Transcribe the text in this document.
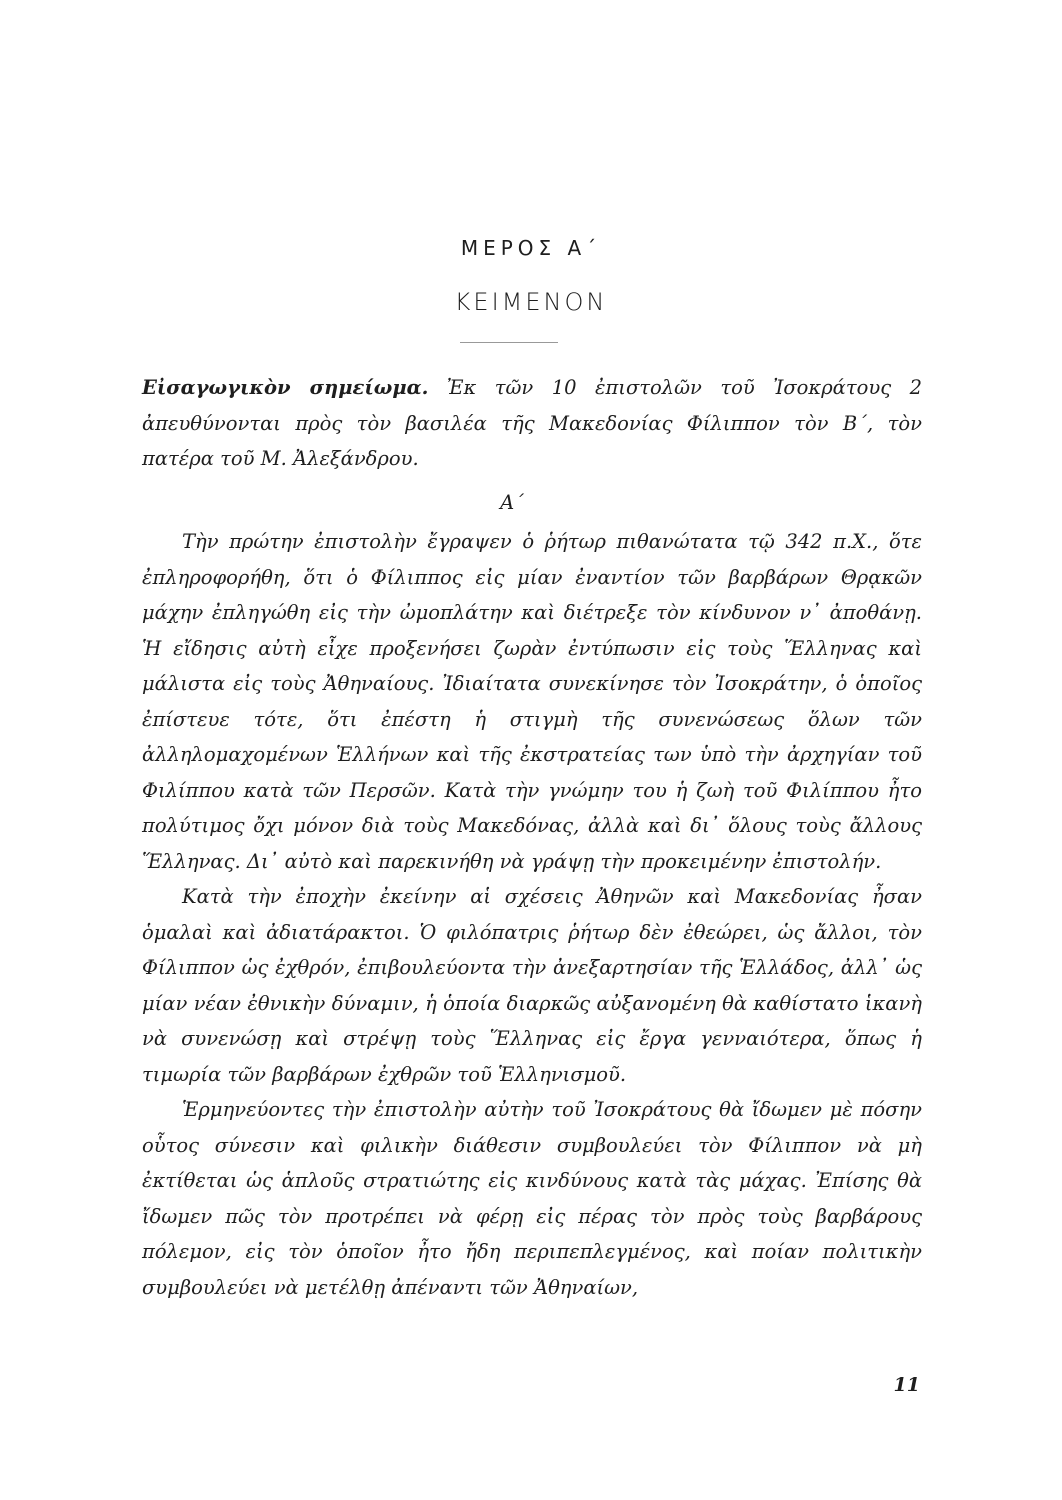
ΜΕΡΟΣ Α΄
ΚΕΙΜΕΝΟΝ

Εἰσαγωγικὸν σημείωμα. Ἐκ τῶν 10 ἐπιστολῶν τοῦ Ἰσοκράτους 2 ἀπευθύνονται πρὸς τὸν βασιλέα τῆς Μακεδονίας Φίλιππον τὸν Β΄, τὸν πατέρα τοῦ Μ. Ἀλεξάνδρου.

Α΄

Τὴν πρώτην ἐπιστολὴν ἔγραψεν ὁ ῥήτωρ πιθανώτατα τῷ 342 π.Χ., ὅτε ἐπληροφορήθη, ὅτι ὁ Φίλιππος εἰς μίαν ἐναντίον τῶν βαρβάρων Θρᾳκῶν μάχην ἐπληγώθη εἰς τὴν ὠμοπλάτην καὶ διέτρεξε τὸν κίνδυνον ν᾽ ἀποθάνῃ. Ἡ εἴδησις αὐτὴ εἶχε προξενήσει ζωρὰν ἐντύπωσιν εἰς τοὺς Ἕλληνας καὶ μάλιστα εἰς τοὺς Ἀθηναίους. Ἰδιαίτατα συνεκίνησε τὸν Ἰσοκράτην, ὁ ὁποῖος ἐπίστευε τότε, ὅτι ἐπέστη ἡ στιγμὴ τῆς συνενώσεως ὅλων τῶν ἀλληλομαχομένων Ἑλλήνων καὶ τῆς ἐκστρατείας των ὑπὸ τὴν ἀρχηγίαν τοῦ Φιλίππου κατὰ τῶν Περσῶν. Κατὰ τὴν γνώμην του ἡ ζωὴ τοῦ Φιλίππου ἦτο πολύτιμος ὄχι μόνον διὰ τοὺς Μακεδόνας, ἀλλὰ καὶ δι᾽ ὅλους τοὺς ἄλλους Ἕλληνας. Δι᾽ αὐτὸ καὶ παρεκινήθη νὰ γράψῃ τὴν προκειμένην ἐπιστολήν.

Κατὰ τὴν ἐποχὴν ἐκείνην αἱ σχέσεις Ἀθηνῶν καὶ Μακεδονίας ἦσαν ὁμαλαὶ καὶ ἀδιατάρακτοι. Ὁ φιλόπατρις ῥήτωρ δὲν ἐθεώρει, ὡς ἄλλοι, τὸν Φίλιππον ὡς ἐχθρόν, ἐπιβουλεύοντα τὴν ἀνεξαρτησίαν τῆς Ἑλλάδος, ἀλλ᾽ ὡς μίαν νέαν ἐθνικὴν δύναμιν, ἡ ὁποία διαρκῶς αὐξανομένη θὰ καθίστατο ἱκανὴ νὰ συνενώσῃ καὶ στρέψῃ τοὺς Ἕλληνας εἰς ἔργα γενναιότερα, ὅπως ἡ τιμωρία τῶν βαρβάρων ἐχθρῶν τοῦ Ἑλληνισμοῦ.

Ἑρμηνεύοντες τὴν ἐπιστολὴν αὐτὴν τοῦ Ἰσοκράτους θὰ ἴδωμεν μὲ πόσην οὗτος σύνεσιν καὶ φιλικὴν διάθεσιν συμβουλεύει τὸν Φίλιππον νὰ μὴ ἐκτίθεται ὡς ἁπλοῦς στρατιώτης εἰς κινδύνους κατὰ τὰς μάχας. Ἐπίσης θὰ ἴδωμεν πῶς τὸν προτρέπει νὰ φέρῃ εἰς πέρας τὸν πρὸς τοὺς βαρβάρους πόλεμον, εἰς τὸν ὁποῖον ἦτο ἤδη περιπεπλεγμένος, καὶ ποίαν πολιτικὴν συμβουλεύει νὰ μετέλθῃ ἀπέναντι τῶν Ἀθηναίων,

11
